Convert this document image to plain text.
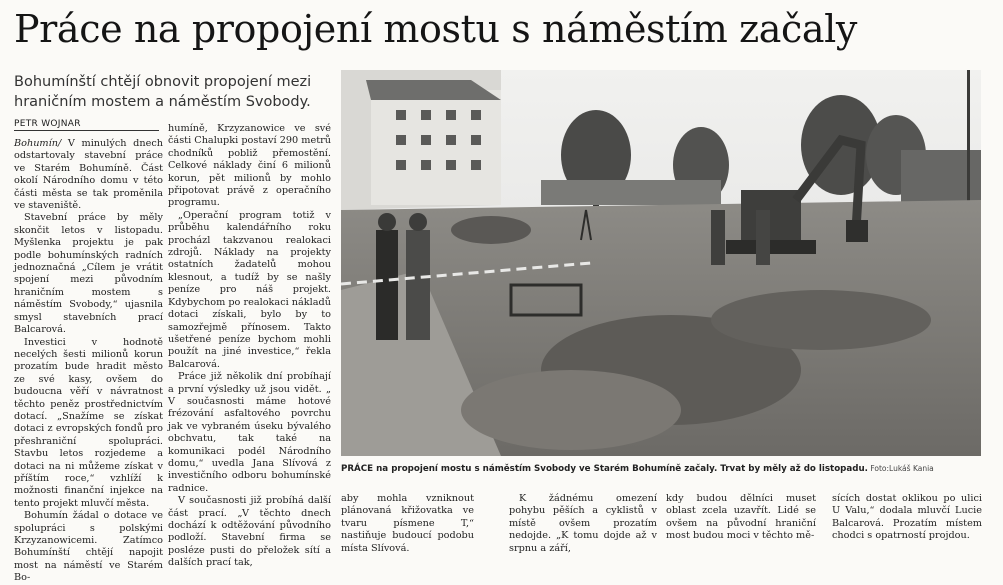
Práce na propojení mostu s náměstím začaly
Bohumínští chtějí obnovit propojení mezi hraničním mostem a náměstím Svobody.
PETR WOJNAR

Bohumín/ V minulých dnech odstartovaly stavební práce ve Starém Bohumíně. Část okolí Národního domu v této části města se tak proměnila ve staveniště.

Stavební práce by měly skončit letos v listopadu. Myšlenka projektu je pak podle bohumínských radních jednoznačná „Cílem je vrátit spojení mezi původním hraničním mostem s náměstím Svobody,“ ujasnila smysl stavebních prací Balcarová.

Investici v hodnotě necelých šesti milionů korun prozatím bude hradit město ze své kasy, ovšem do budoucna věří v návratnost těchto peněz prostřednictvím dotací. „Snažíme se získat dotaci z evropských fondů pro přeshraniční spolupráci. Stavbu letos rozjedeme a dotaci na ni můžeme získat v příštím roce,“ vzhlíží k možnosti finanční injekce na tento projekt mluvčí města.

Bohumín žádal o dotace ve spolupráci s polskými Krzyzanowicemi. Zatímco Bohumínští chtějí napojit most na náměstí ve Starém Bo-

humíně, Krzyzanowice ve své části Chalupki postaví 290 metrů chodníků pobliž přemostění. Celkové náklady činí 6 milionů korun, pět milionů by mohlo připotovat právě z operačního programu.

„Operační program totiž v průběhu kalendářního roku procházl takzvanou realokaci zdrojů. Náklady na projekty ostatních žadatelů mohou klesnout, a tudíž by se našly peníze pro náš projekt. Kdybychom po realokaci nákladů dotaci získali, bylo by to samozřejmě přínosem. Takto ušetřené peníze bychom mohli použít na jiné investice,“ řekla Balcarová.

Práce již několik dní probíhají a první výsledky už jsou vidět. „ V současnosti máme hotové frézování asfaltového povrchu jak ve vybraném úseku bývalého obchvatu, tak také na komunikaci podél Národního domu,“ uvedla Jana Slívová z investičního odboru bohumínské radnice.

V současnosti již probíhá další část prací. „V těchto dnech dochází k odtěžování původního podloží. Stavební firma se posléze pusti do přeložek sítí a dalších prací tak,

PRÁCE na propojení mostu s náměstím Svobody ve Starém Bohumíně začaly. Trvat by měly až do listopadu. Foto:Lukáš Kania

aby mohla vzniknout plánovaná křižovatka ve tvaru písmene T,“ nastiňuje budoucí podobu místa Slívová.

K žádnému omezení pohybu pěších a cyklistů v místě ovšem prozatím nedojde. „K tomu dojde až v srpnu a září,

kdy budou dělníci muset oblast zcela uzavřít. Lidé se ovšem na původní hraniční most budou moci v těchto mě-

sících dostat oklikou po ulici U Valu,“ dodala mluvčí Lucie Balcarová. Prozatím místem chodci s opatrností projdou.
